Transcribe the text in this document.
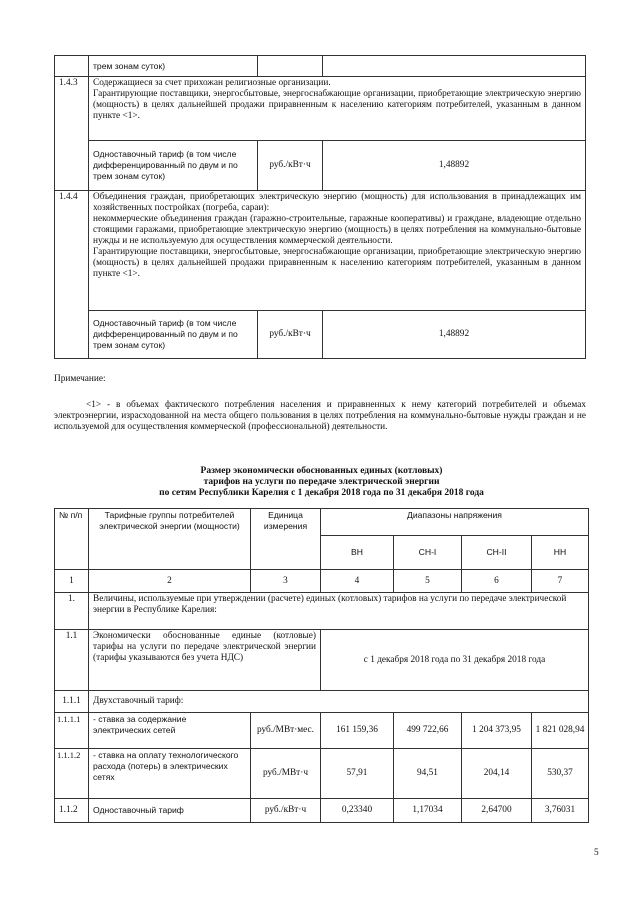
	трем зонам суток)		
1.4.3	Содержащиеся за счет прихожан религиозные организации.
Гарантирующие поставщики, энергосбытовые, энергоснабжающие организации, приобретающие электрическую энергию (мощность) в целях дальнейшей продажи приравненным к населению категориям потребителей, указанным в данном пункте <1>.		

	Одноставочный тариф (в том числе дифференцированный по двум и по трем зонам суток)	руб./кВт·ч	1,48892
1.4.4	Объединения граждан, приобретающих электрическую энергию (мощность) для использования в принадлежащих им хозяйственных постройках (погреба, сараи):
некоммерческие объединения граждан (гаражно-строительные, гаражные кооперативы) и граждане, владеющие отдельно стоящими гаражами, приобретающие электрическую энергию (мощность) в целях потребления на коммунально-бытовые нужды и не используемую для осуществления коммерческой деятельности.
Гарантирующие поставщики, энергосбытовые, энергоснабжающие организации, приобретающие электрическую энергию (мощность) в целях дальнейшей продажи приравненным к населению категориям потребителей, указанным в данном пункте <1>.		

	Одноставочный тариф (в том числе дифференцированный по двум и по трем зонам суток)	руб./кВт·ч	1,48892
Примечание:
<1> - в объемах фактического потребления населения и приравненных к нему категорий потребителей и объемах электроэнергии, израсходованной на места общего пользования в целях потребления на коммунально-бытовые нужды граждан и не используемой для осуществления коммерческой (профессиональной) деятельности.
Размер экономически обоснованных единых (котловых)
тарифов на услуги по передаче электрической энергии
по сетям Республики Карелия с 1 декабря 2018 года по 31 декабря 2018 года
№ п/п	Тарифные группы потребителей электрической энергии (мощности)	Единица измерения	Диапазоны напряжения			
			ВН	СН-I	СН-II	НН
1	2	3	4	5	6	7
1.	Величины, используемые при утверждении (расчете) единых (котловых) тарифов на услуги по передаче электрической энергии в Республике Карелия:					
1.1	Экономически обоснованные единые (котловые) тарифы на услуги по передаче электрической энергии (тарифы указываются без учета НДС)		с 1 декабря 2018 года по 31 декабря 2018 года			
1.1.1	Двухставочный тариф:					
1.1.1.1	- ставка за содержание электрических сетей	руб./МВт·мес.	161 159,36	499 722,66	1 204 373,95	1 821 028,94
1.1.1.2	- ставка на оплату технологического расхода (потерь) в электрических сетях	руб./МВт·ч	57,91	94,51	204,14	530,37
1.1.2	Одноставочный тариф	руб./кВт·ч	0,23340	1,17034	2,64700	3,76031
5
